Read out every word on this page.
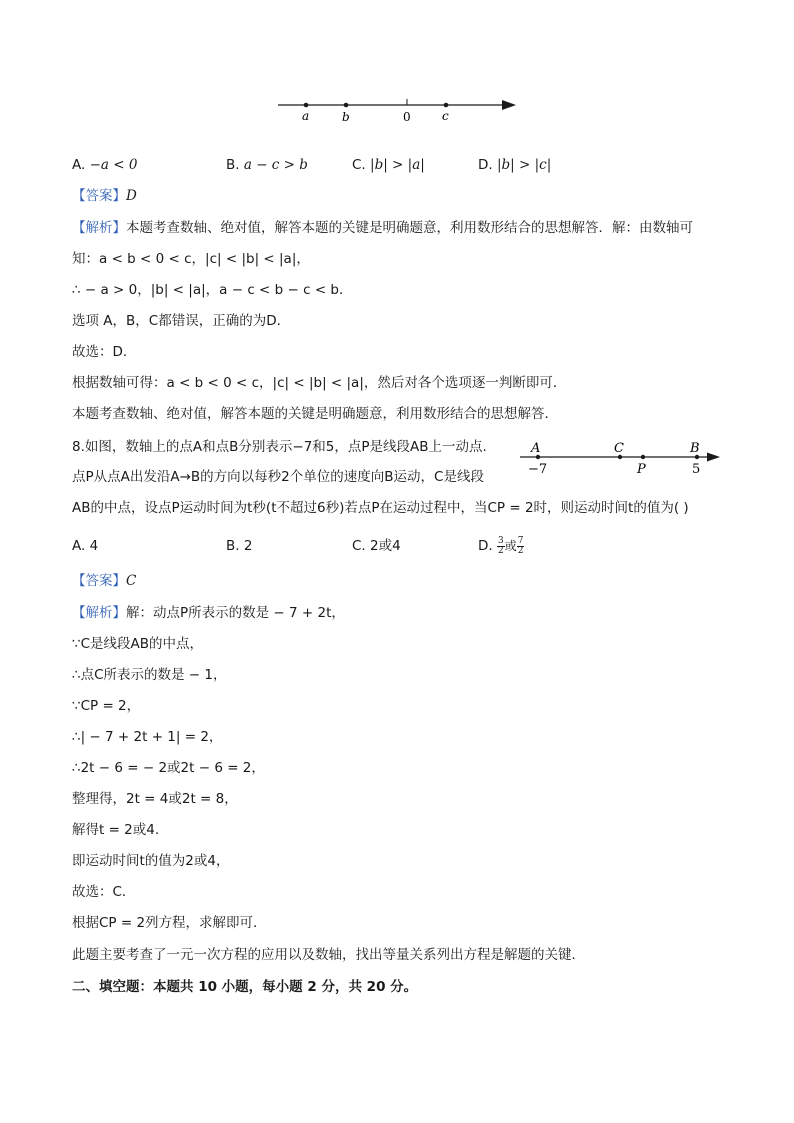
a	b	0	c
A. −a < 0	B. a − c > b	C. |b| > |a|	D. |b| > |c|
【答案】D
【解析】本题考查数轴、绝对值，解答本题的关键是明确题意，利用数形结合的思想解答．解：由数轴可
知：a < b < 0 < c，|c| < |b| < |a|，
∴ − a > 0，|b| < |a|，a − c < b − c < b．
选项 A，B，C都错误，正确的为D．
故选：D．
根据数轴可得：a < b < 0 < c，|c| < |b| < |a|，然后对各个选项逐一判断即可．
本题考查数轴、绝对值，解答本题的关键是明确题意，利用数形结合的思想解答．
8.如图，数轴上的点A和点B分别表示−7和5，点P是线段AB上一动点.
点P从点A出发沿A→B的方向以每秒2个单位的速度向B运动，C是线段
AB的中点，设点P运动时间为t秒(t不超过6秒)若点P在运动过程中，当CP = 2时，则运动时间t的值为( )
A	C	B
−7	P	5
A. 4	B. 2	C. 2或4	D. $\frac{3}{2}$ 或 $\frac{7}{2}$
【答案】C
【解析】解：动点P所表示的数是 − 7 + 2t，
∵C是线段AB的中点，
∴点C所表示的数是 − 1，
∵CP = 2，
∴| − 7 + 2t + 1| = 2，
∴2t − 6 = − 2或2t − 6 = 2，
整理得，2t = 4或2t = 8，
解得t = 2或4.
即运动时间t的值为2或4，
故选：C．
根据CP = 2列方程，求解即可．
此题主要考查了一元一次方程的应用以及数轴，找出等量关系列出方程是解题的关键．
二、填空题：本题共 10 小题，每小题 2 分，共 20 分。
